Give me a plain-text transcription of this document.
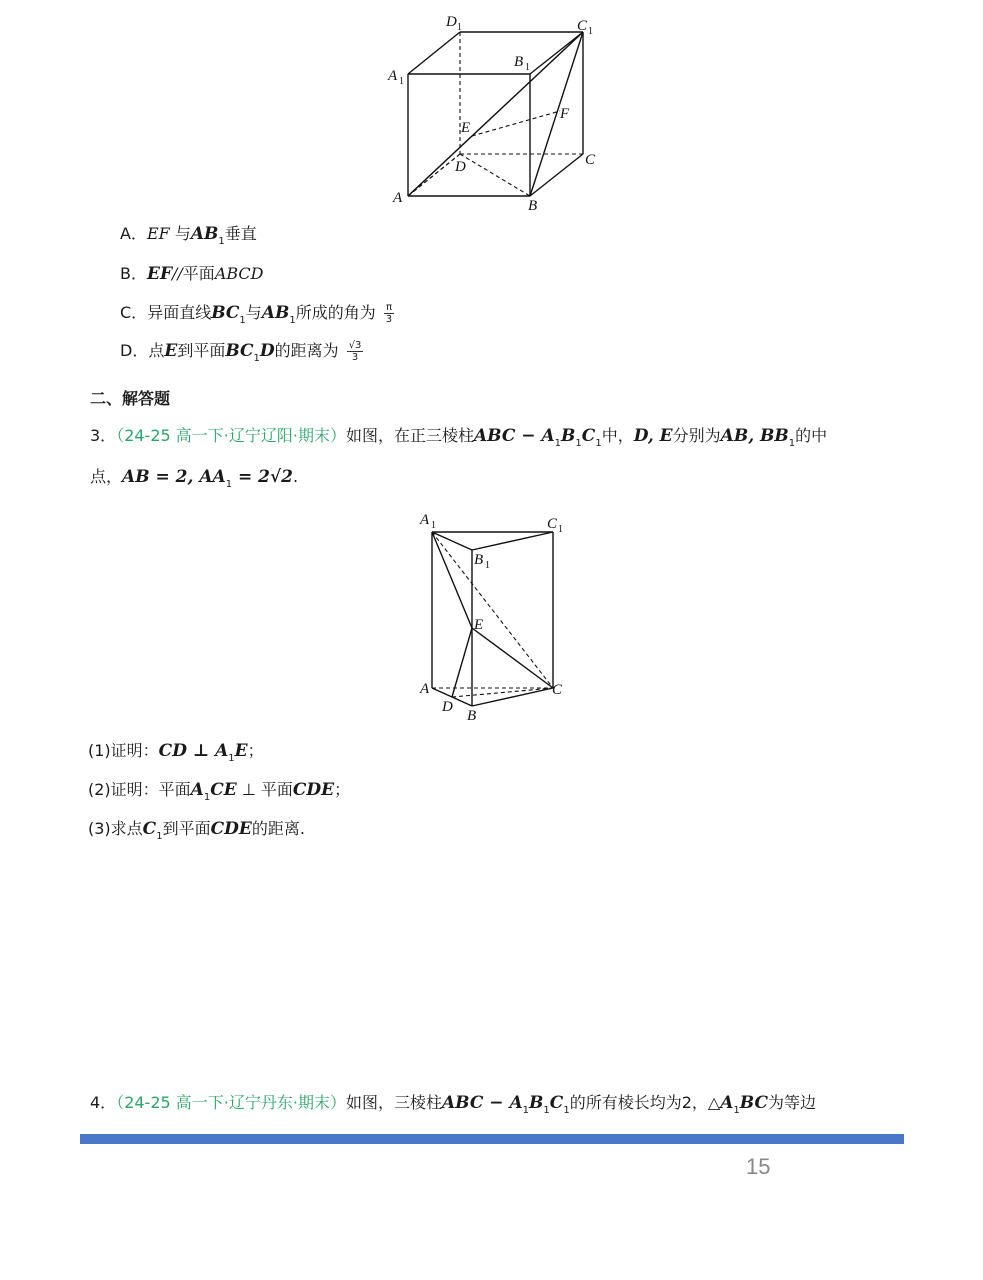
D 1	C 1
A 1
B 1
E
F
D	C
A	B
A．EF 与$AB_1$垂直
B．EF//平面ABCD
C．异面直线$BC_1$与$AB_1$所成的角为 $\frac{\pi}{3}$
D．点E到平面$BC_1D$的距离为 $\frac{√3}{3}$
二、解答题
3．（24-25 高一下·辽宁辽阳·期末）如图，在正三棱柱ABC − $A_1B_1C_1$中，D, E分别为AB, $BB_1$的中
点，AB = 2, $AA_1 = 2√2$.
A 1	C 1
B 1
E
A	C
D
B
(1)证明：CD ⊥ $A_1E$；
(2)证明：平面$A_1CE$ ⊥ 平面CDE；
(3)求点$C_1$到平面CDE的距离.
4．（24-25 高一下·辽宁丹东·期末）如图，三棱柱ABC − $A_1B_1C_1$的所有棱长均为2，$\triangle A_1BC$为等边
15
